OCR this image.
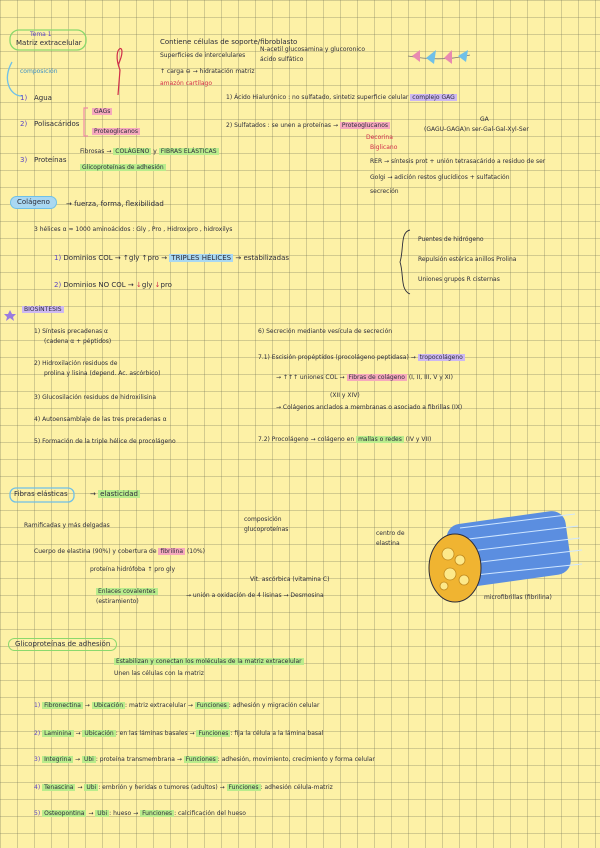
Tema 1
Matriz extracelular
composición
Contiene células de soporte/fibroblasto
Superficies de intercelulares
N-acetil glucosamina y glucoronico
ácido sulfático
↑ carga ⊖ → hidratación matriz
amazón cartílago
1) Agua
2) Polisacáridos
GAGs
Proteoglicanos
3) Proteínas
Fibrosas → COLÁGENO y FIBRAS ELÁSTICAS
Glicoproteínas de adhesión
1) Ácido Hialurónico : no sulfatado, sintetiz superficie celular complejo GAG
2) Sulfatados : se unen a proteínas → Proteoglucanos
Decorina
Biglicano
RER → síntesis prot + unión tetrasacárido a residuo de ser
Golgi → adición restos glucídicos + sulfatación
secreción
GA
(GAGU-GAGA)n ser-Gal-Gal-Xyl-Ser
Colágeno	→ fuerza, forma, flexibilidad
3 hélices α ≈ 1000 aminoácidos : Gly , Pro , Hidroxipro , hidroxilys
1) Dominios COL → ↑gly ↑pro → TRIPLES HÉLICES → estabilizadas
2) Dominios NO COL → ↓gly ↓pro
Puentes de hidrógeno
Repulsión estérica anillos Prolina
Uniones grupos R cisternas
BIOSÍNTESIS
1) Síntesis precadenas α
(cadena α + péptidos)
2) Hidroxilación residuos de
prolina y lisina (depend. Ac. ascórbico)
3) Glucosilación residuos de hidroxilisina
4) Autoensamblaje de las tres precadenas α
5) Formación de la triple hélice de procolágeno
6) Secreción mediante vesícula de secreción
7.1) Escisión propéptidos (procolágeno peptidasa) → tropocolágeno
→ ↑↑↑ uniones COL → Fibras de colágeno (I, II, III, V y XI)
(XII y XIV)
→ Colágenos anclados a membranas o asociado a fibrillas (IX)
7.2) Procolágeno → colágeno en mallas o redes (IV y VII)
Fibras elásticas	→ elasticidad
Ramificadas y más delgadas
composición
glucoproteínas
Cuerpo de elastina (90%) y cobertura de fibrilina (10%)
proteína hidrófoba ↑ pro gly
Vit. ascórbica (vitamina C)
Enlaces covalentes
(estiramiento)
→ unión a oxidación de 4 lisinas → Desmosina
centro de
elastina
microfibrillas (fibrilina)
Glicoproteínas de adhesión
Estabilizan y conectan los moléculas de la matriz extracelular
Unen las células con la matriz
1) Fibronectina → Ubicación : matriz extracelular → Funciones : adhesión y migración celular
2) Laminina → Ubicación : en las láminas basales → Funciones : fija la célula a la lámina basal
3) Integrina → Ubi : proteína transmembrana → Funciones : adhesión, movimiento, crecimiento y forma celular
4) Tenascina → Ubi : embrión y heridas o tumores (adultos) → Funciones : adhesión célula-matriz
5) Osteopontina → Ubi : hueso → Funciones : calcificación del hueso
